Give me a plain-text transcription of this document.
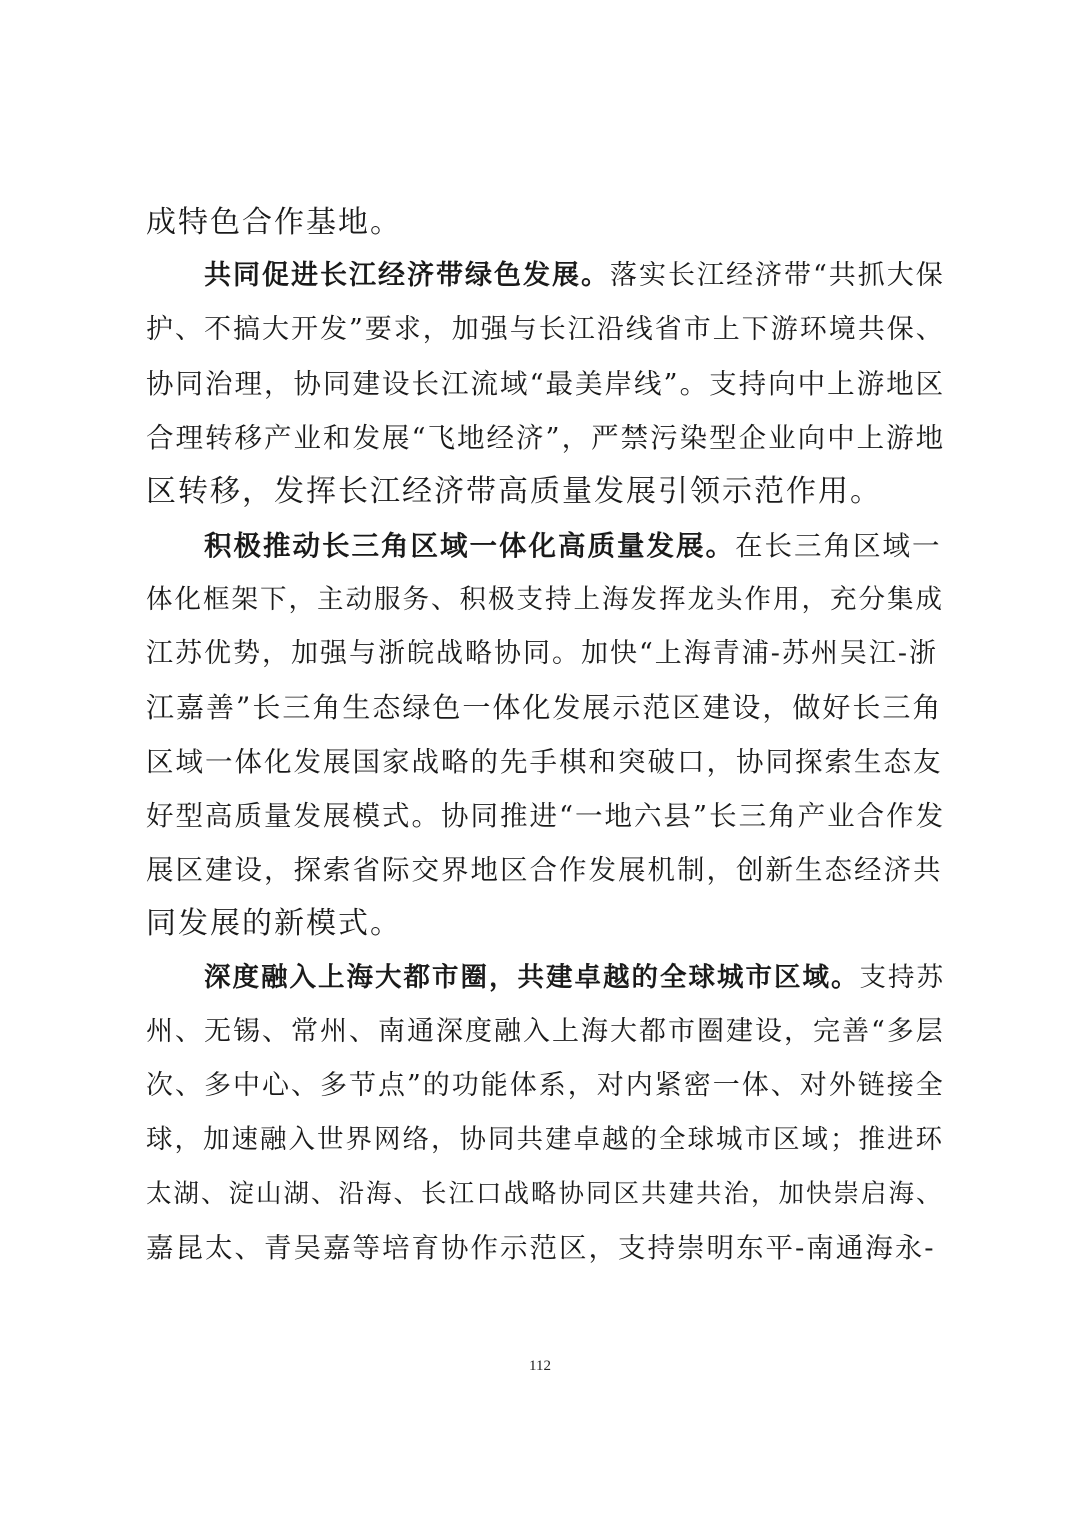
成特色合作基地。
共同促进长江经济带绿色发展。落实长江经济带“共抓大保
护、不搞大开发”要求，加强与长江沿线省市上下游环境共保、
协同治理，协同建设长江流域“最美岸线”。支持向中上游地区
合理转移产业和发展“飞地经济”，严禁污染型企业向中上游地
区转移，发挥长江经济带高质量发展引领示范作用。
积极推动长三角区域一体化高质量发展。在长三角区域一
体化框架下，主动服务、积极支持上海发挥龙头作用，充分集成
江苏优势，加强与浙皖战略协同。加快“上海青浦-苏州吴江-浙
江嘉善”长三角生态绿色一体化发展示范区建设，做好长三角
区域一体化发展国家战略的先手棋和突破口，协同探索生态友
好型高质量发展模式。协同推进“一地六县”长三角产业合作发
展区建设，探索省际交界地区合作发展机制，创新生态经济共
同发展的新模式。
深度融入上海大都市圈，共建卓越的全球城市区域。支持苏
州、无锡、常州、南通深度融入上海大都市圈建设，完善“多层
次、多中心、多节点”的功能体系，对内紧密一体、对外链接全
球，加速融入世界网络，协同共建卓越的全球城市区域；推进环
太湖、淀山湖、沿海、长江口战略协同区共建共治，加快崇启海、
嘉昆太、青吴嘉等培育协作示范区，支持崇明东平-南通海永-
112
